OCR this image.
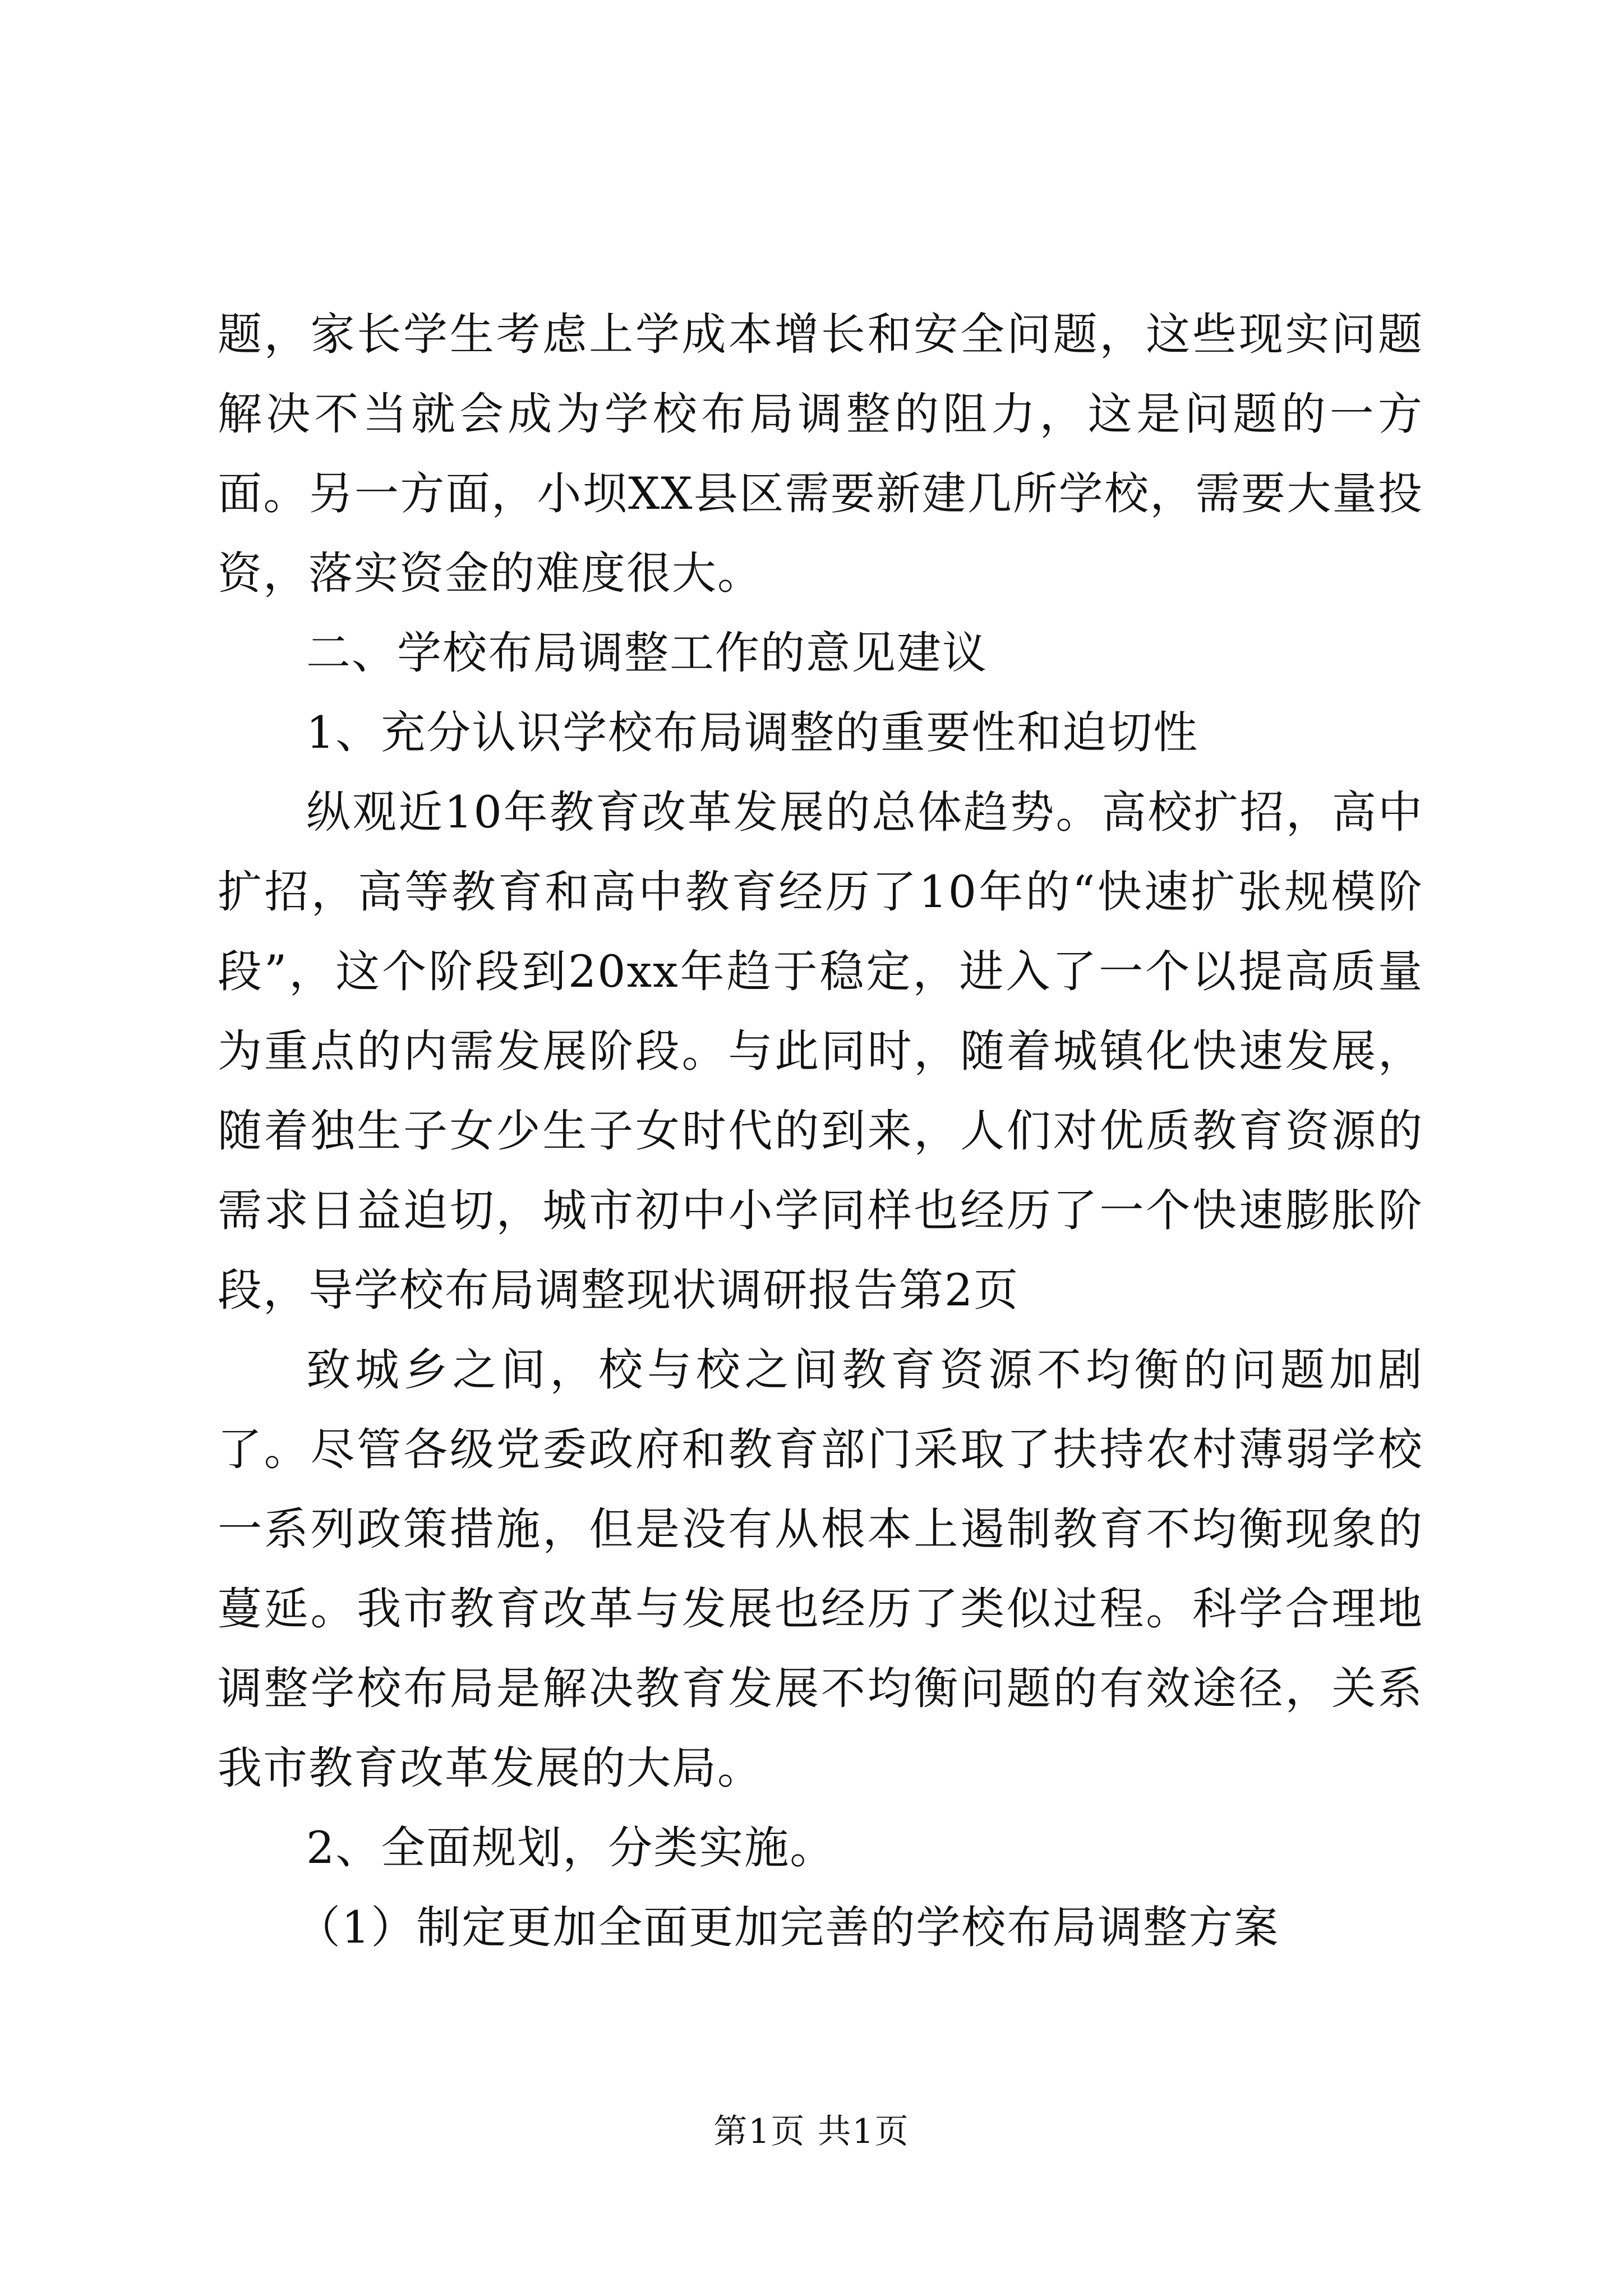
题，家长学生考虑上学成本增长和安全问题，这些现实问题解决不当就会成为学校布局调整的阻力，这是问题的一方面。另一方面，小坝XX县区需要新建几所学校，需要大量投资，落实资金的难度很大。

二、学校布局调整工作的意见建议

1、充分认识学校布局调整的重要性和迫切性

纵观近10年教育改革发展的总体趋势。高校扩招，高中扩招，高等教育和高中教育经历了10年的“快速扩张规模阶段”，这个阶段到20xx年趋于稳定，进入了一个以提高质量为重点的内需发展阶段。与此同时，随着城镇化快速发展，随着独生子女少生子女时代的到来，人们对优质教育资源的需求日益迫切，城市初中小学同样也经历了一个快速膨胀阶段，导学校布局调整现状调研报告第2页

致城乡之间，校与校之间教育资源不均衡的问题加剧了。尽管各级党委政府和教育部门采取了扶持农村薄弱学校一系列政策措施，但是没有从根本上遏制教育不均衡现象的蔓延。我市教育改革与发展也经历了类似过程。科学合理地调整学校布局是解决教育发展不均衡问题的有效途径，关系我市教育改革发展的大局。

2、全面规划，分类实施。

（1）制定更加全面更加完善的学校布局调整方案

第1页 共1页
